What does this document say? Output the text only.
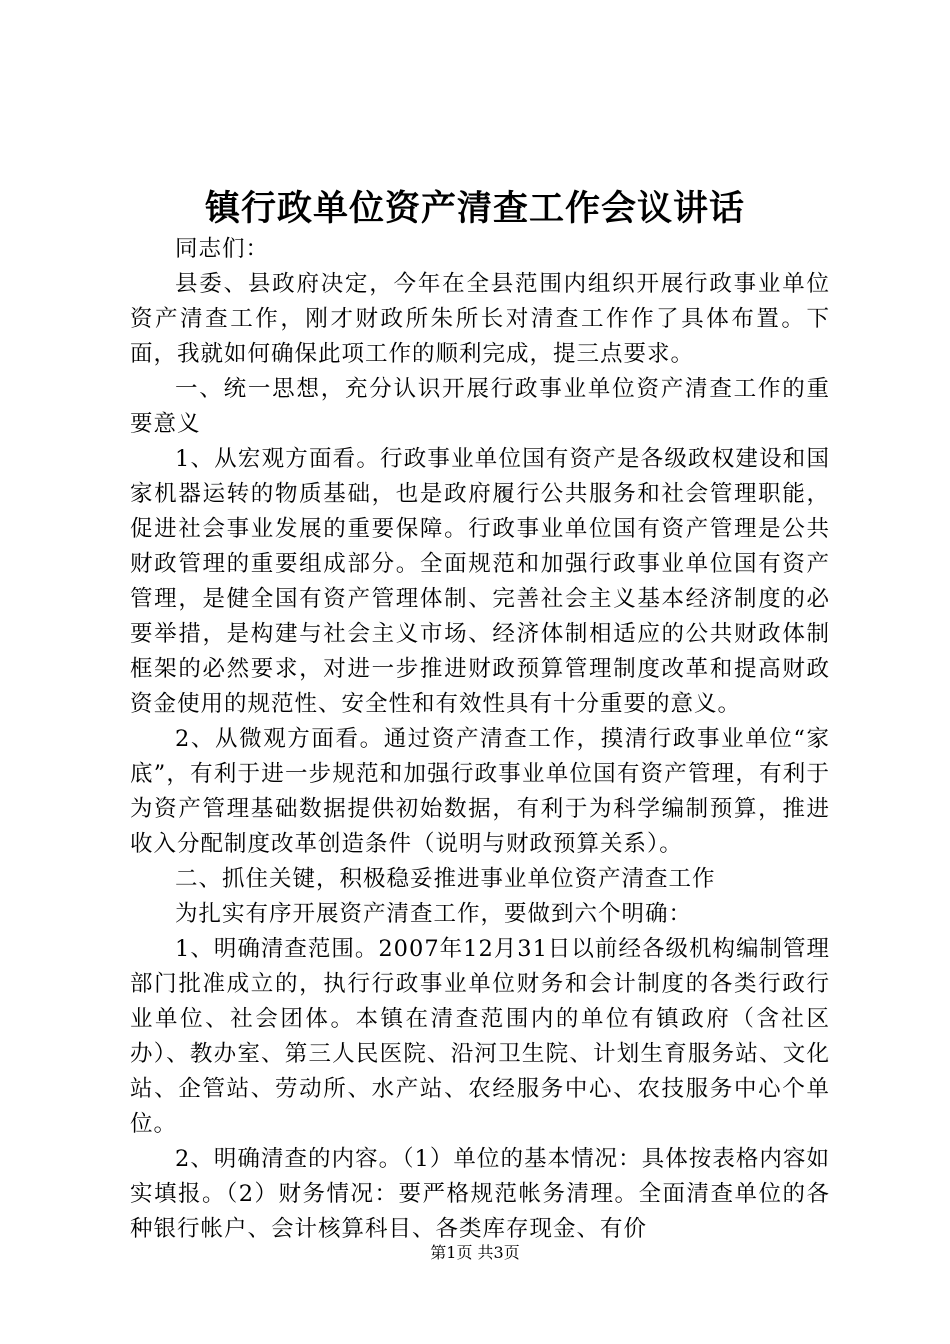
镇行政单位资产清查工作会议讲话

同志们：

县委、县政府决定，今年在全县范围内组织开展行政事业单位资产清查工作，刚才财政所朱所长对清查工作作了具体布置。下面，我就如何确保此项工作的顺利完成，提三点要求。

一、统一思想，充分认识开展行政事业单位资产清查工作的重要意义

1、从宏观方面看。行政事业单位国有资产是各级政权建设和国家机器运转的物质基础，也是政府履行公共服务和社会管理职能，促进社会事业发展的重要保障。行政事业单位国有资产管理是公共财政管理的重要组成部分。全面规范和加强行政事业单位国有资产管理，是健全国有资产管理体制、完善社会主义基本经济制度的必要举措，是构建与社会主义市场、经济体制相适应的公共财政体制框架的必然要求，对进一步推进财政预算管理制度改革和提高财政资金使用的规范性、安全性和有效性具有十分重要的意义。

2、从微观方面看。通过资产清查工作，摸清行政事业单位“家底”，有利于进一步规范和加强行政事业单位国有资产管理，有利于为资产管理基础数据提供初始数据，有利于为科学编制预算，推进收入分配制度改革创造条件（说明与财政预算关系）。

二、抓住关键，积极稳妥推进事业单位资产清查工作

为扎实有序开展资产清查工作，要做到六个明确：

1、明确清查范围。2007年12月31日以前经各级机构编制管理部门批准成立的，执行行政事业单位财务和会计制度的各类行政行业单位、社会团体。本镇在清查范围内的单位有镇政府（含社区办）、教办室、第三人民医院、沿河卫生院、计划生育服务站、文化站、企管站、劳动所、水产站、农经服务中心、农技服务中心个单位。

2、明确清查的内容。（1）单位的基本情况：具体按表格内容如实填报。（2）财务情况：要严格规范帐务清理。全面清查单位的各种银行帐户、会计核算科目、各类库存现金、有价

第1页 共3页
